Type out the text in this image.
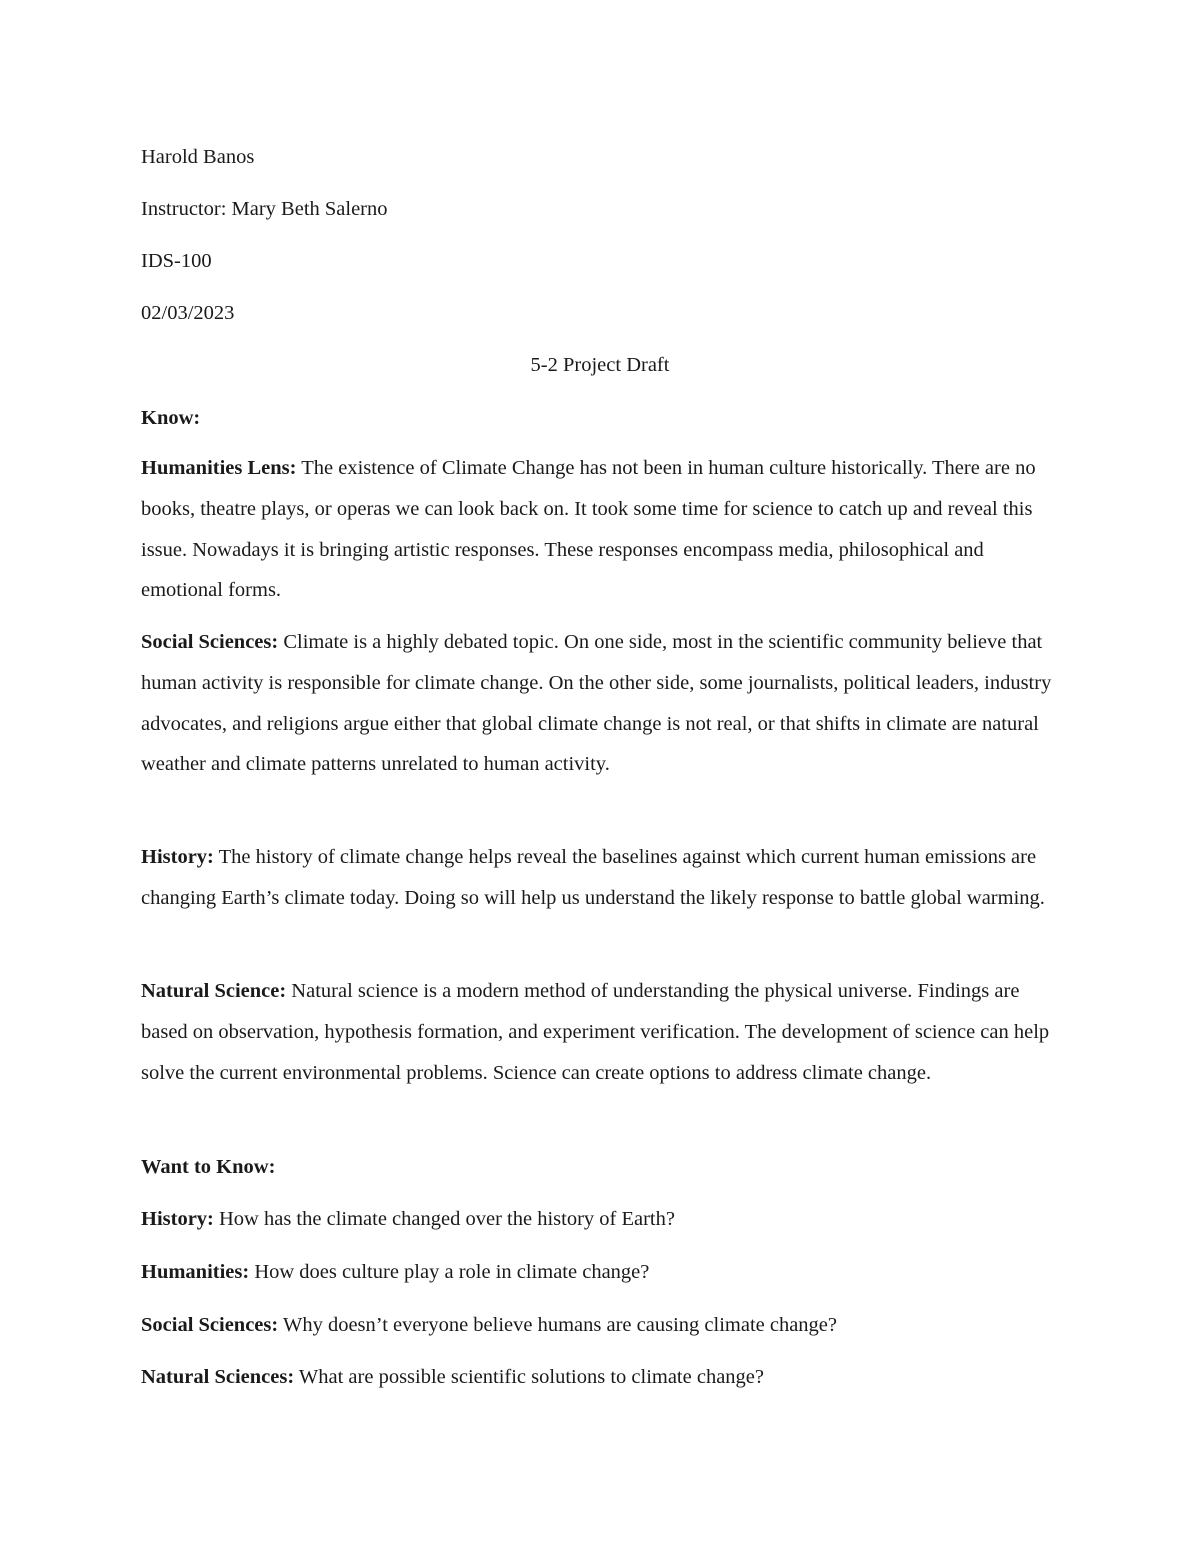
Harold Banos
Instructor: Mary Beth Salerno
IDS-100
02/03/2023
5-2 Project Draft
Know:
Humanities Lens: The existence of Climate Change has not been in human culture historically. There are no books, theatre plays, or operas we can look back on. It took some time for science to catch up and reveal this issue. Nowadays it is bringing artistic responses. These responses encompass media, philosophical and emotional forms.
Social Sciences: Climate is a highly debated topic. On one side, most in the scientific community believe that human activity is responsible for climate change. On the other side, some journalists, political leaders, industry advocates, and religions argue either that global climate change is not real, or that shifts in climate are natural weather and climate patterns unrelated to human activity.
History: The history of climate change helps reveal the baselines against which current human emissions are changing Earth’s climate today. Doing so will help us understand the likely response to battle global warming.
Natural Science: Natural science is a modern method of understanding the physical universe. Findings are based on observation, hypothesis formation, and experiment verification. The development of science can help solve the current environmental problems. Science can create options to address climate change.
Want to Know:
History: How has the climate changed over the history of Earth?
Humanities: How does culture play a role in climate change?
Social Sciences: Why doesn’t everyone believe humans are causing climate change?
Natural Sciences: What are possible scientific solutions to climate change?
